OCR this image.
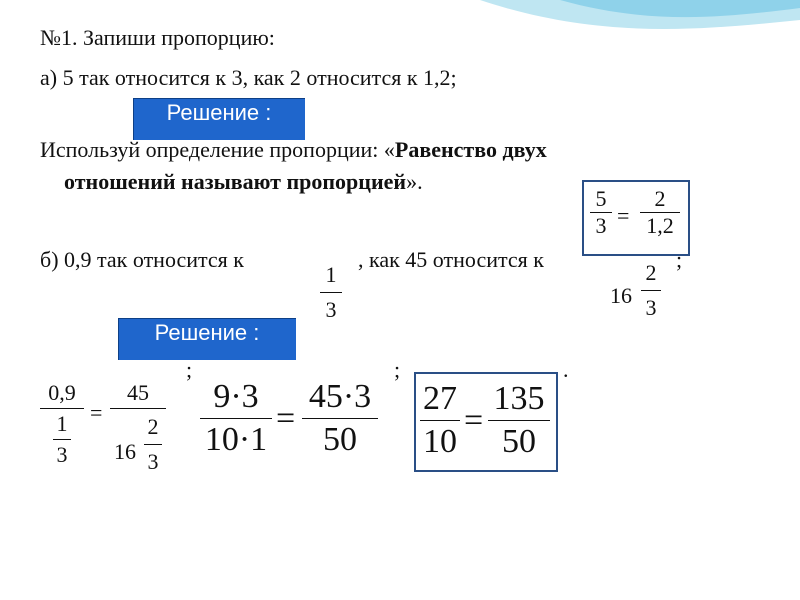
№1. Запиши пропорцию:
а) 5 так относится к 3, как 2 относится к 1,2;
Решение :
Используй определение пропорции: «Равенство двух
отношений называют пропорцией».
5
3 =
2
1,2
б) 0,9 так относится к	, как 45 относится к	;
1
3
16
2
3
Решение :
;	;	.
0,9
1
3
=
45
16
2
3
9·3
10·1
=
45·3
50
27
10
=
135
50
